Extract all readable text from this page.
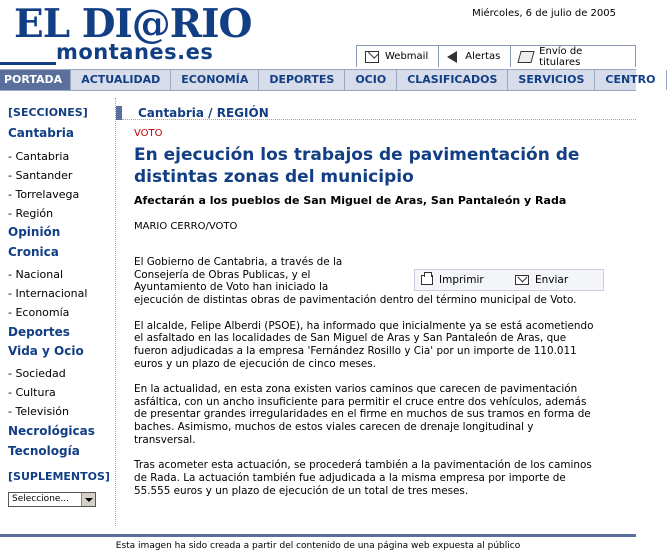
EL DI@RIO
montanes.es
Miércoles, 6 de julio de 2005
Webmail	Alertas	Envío de titulares
PORTADA	ACTUALIDAD	ECONOMÍA	DEPORTES	OCIO	CLASIFICADOS	SERVICIOS	CENTRO
[SECCIONES]
Cantabria
- Cantabria
- Santander
- Torrelavega
- Región
Opinión
Cronica
- Nacional
- Internacional
- Economía
Deportes
Vida y Ocio
- Sociedad
- Cultura
- Televisión
Necrológicas
Tecnología
[SUPLEMENTOS]
Seleccione...
Cantabria / REGIÓN
VOTO
En ejecución los trabajos de pavimentación de distintas zonas del municipio
Afectarán a los pueblos de San Miguel de Aras, San Pantaleón y Rada
MARIO CERRO/VOTO

El Gobierno de Cantabria, a través de la Consejería de Obras Publicas, y el Ayuntamiento de Voto han iniciado la ejecución de distintas obras de pavimentación dentro del término municipal de Voto.

El alcalde, Felipe Alberdi (PSOE), ha informado que inicialmente ya se está acometiendo el asfaltado en las localidades de San Miguel de Aras y San Pantaleón de Aras, que fueron adjudicadas a la empresa 'Fernández Rosillo y Cia' por un importe de 110.011 euros y un plazo de ejecución de cinco meses.

En la actualidad, en esta zona existen varios caminos que carecen de pavimentación asfáltica, con un ancho insuficiente para permitir el cruce entre dos vehículos, además de presentar grandes irregularidades en el firme en muchos de sus tramos en forma de baches. Asimismo, muchos de estos viales carecen de drenaje longitudinal y transversal.

Tras acometer esta actuación, se procederá también a la pavimentación de los caminos de Rada. La actuación también fue adjudicada a la misma empresa por importe de 55.555 euros y un plazo de ejecución de un total de tres meses.

Imprimir	Enviar
Esta imagen ha sido creada a partir del contenido de una página web expuesta al público
